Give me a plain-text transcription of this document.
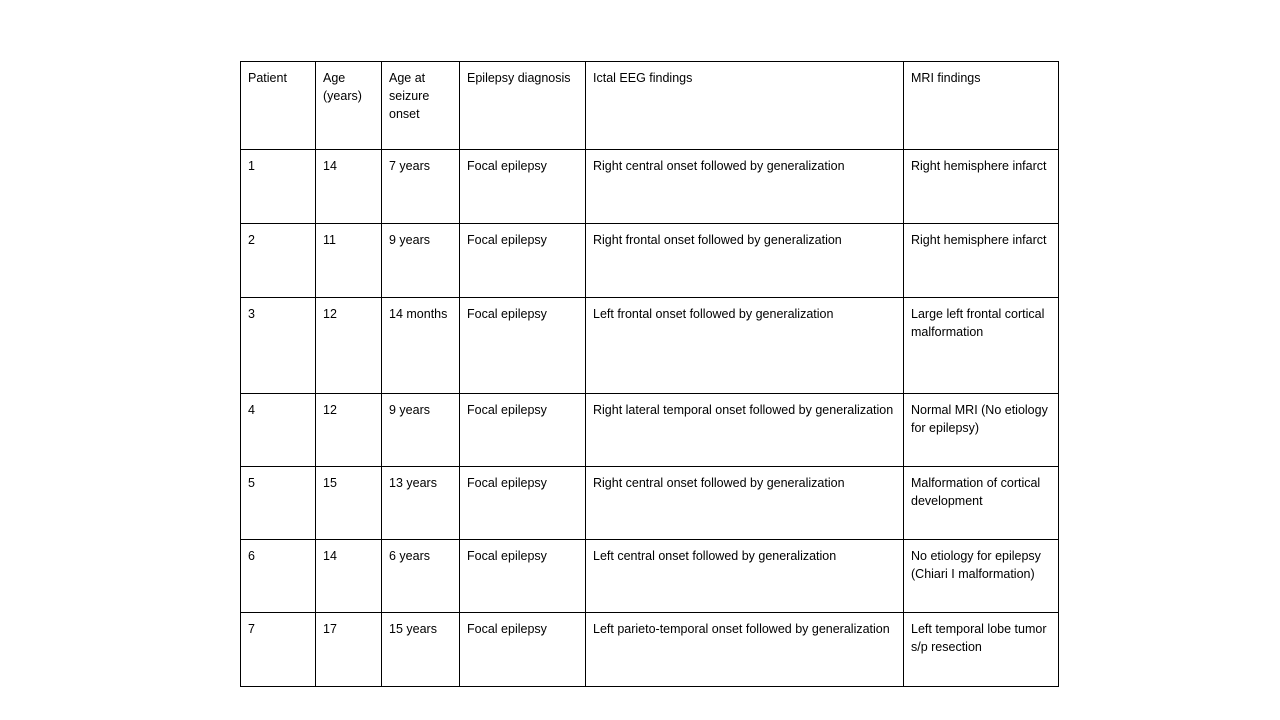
Patient	Age (years)	Age at seizure onset	Epilepsy diagnosis	Ictal EEG findings	MRI findings
1	14	7 years	Focal epilepsy	Right central onset followed by generalization	Right hemisphere infarct
2	11	9 years	Focal epilepsy	Right frontal onset followed by generalization	Right hemisphere infarct
3	12	14 months	Focal epilepsy	Left frontal onset followed by generalization	Large left frontal cortical malformation
4	12	9 years	Focal epilepsy	Right lateral temporal onset followed by generalization	Normal MRI (No etiology for epilepsy)
5	15	13 years	Focal epilepsy	Right central onset followed by generalization	Malformation of cortical development
6	14	6 years	Focal epilepsy	Left central onset followed by generalization	No etiology for epilepsy (Chiari I malformation)
7	17	15 years	Focal epilepsy	Left parieto-temporal onset followed by generalization	Left temporal lobe tumor s/p resection
